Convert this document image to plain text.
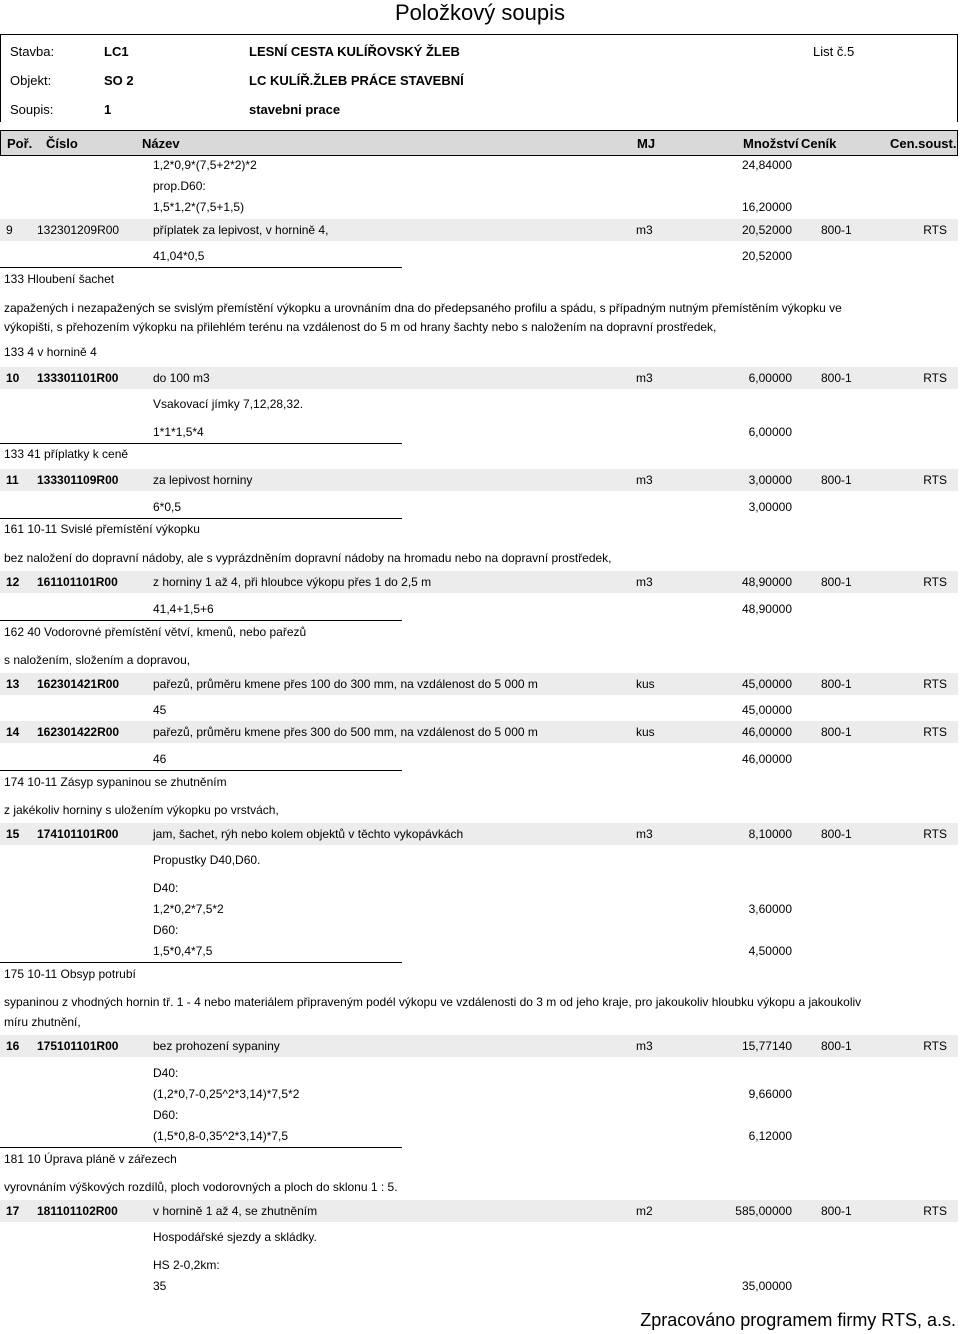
Položkový soupis
Stavba:	LC1	LESNÍ CESTA KULÍŘOVSKÝ ŽLEB	List č.5
Objekt:	SO 2	LC KULÍŘ.ŽLEB PRÁCE STAVEBNÍ
Soupis:	1	stavebni prace
Poř. Číslo	Název	MJ	Množství Ceník	Cen.soust.
1,2*0,9*(7,5+2*2)*2	24,84000
prop.D60:
1,5*1,2*(7,5+1,5)	16,20000
9 132301209R00	příplatek za lepivost, v hornině 4,	m3	20,52000 800-1	RTS
41,04*0,5	20,52000
133 Hloubení šachet
zapažených i nezapažených se svislým přemístění výkopku a urovnáním dna do předepsaného profilu a spádu, s případným nutným přemístěním výkopku ve
výkopišti, s přehozením výkopku na přilehlém terénu na vzdálenost do 5 m od hrany šachty nebo s naložením na dopravní prostředek,
133 4 v hornině 4
10 133301101R00	do 100 m3	m3	6,00000 800-1	RTS
Vsakovací jímky 7,12,28,32.
1*1*1,5*4	6,00000
133 41 příplatky k ceně
11 133301109R00	za lepivost horniny	m3	3,00000 800-1	RTS
6*0,5	3,00000
161 10-11 Svislé přemístění výkopku
bez naložení do dopravní nádoby, ale s vyprázdněním dopravní nádoby na hromadu nebo na dopravní prostředek,
12 161101101R00	z horniny 1 až 4, při hloubce výkopu přes 1 do 2,5 m	m3	48,90000 800-1	RTS
41,4+1,5+6	48,90000
162 40 Vodorovné přemístění větví, kmenů, nebo pařezů
s naložením, složením a dopravou,
13 162301421R00	pařezů, průměru kmene přes 100 do 300 mm, na vzdálenost do 5 000 m	kus	45,00000 800-1	RTS
45	45,00000
14 162301422R00	pařezů, průměru kmene přes 300 do 500 mm, na vzdálenost do 5 000 m	kus	46,00000 800-1	RTS
46	46,00000
174 10-11 Zásyp sypaninou se zhutněním
z jakékoliv horniny s uložením výkopku po vrstvách,
15 174101101R00	jam, šachet, rýh nebo kolem objektů v těchto vykopávkách	m3	8,10000 800-1	RTS
Propustky D40,D60.
D40:
1,2*0,2*7,5*2	3,60000
D60:
1,5*0,4*7,5	4,50000
175 10-11 Obsyp potrubí
sypaninou z vhodných hornin tř. 1 - 4 nebo materiálem připraveným podél výkopu ve vzdálenosti do 3 m od jeho kraje, pro jakoukoliv hloubku výkopu a jakoukoliv
míru zhutnění,
16 175101101R00	bez prohození sypaniny	m3	15,77140 800-1	RTS
D40:
(1,2*0,7-0,25^2*3,14)*7,5*2	9,66000
D60:
(1,5*0,8-0,35^2*3,14)*7,5	6,12000
181 10 Úprava pláně v zářezech
vyrovnáním výškových rozdílů, ploch vodorovných a ploch do sklonu 1 : 5.
17 181101102R00	v hornině 1 až 4, se zhutněním	m2	585,00000 800-1	RTS
Hospodářské sjezdy a skládky.
HS 2-0,2km:
35	35,00000
Zpracováno programem firmy RTS, a.s.
